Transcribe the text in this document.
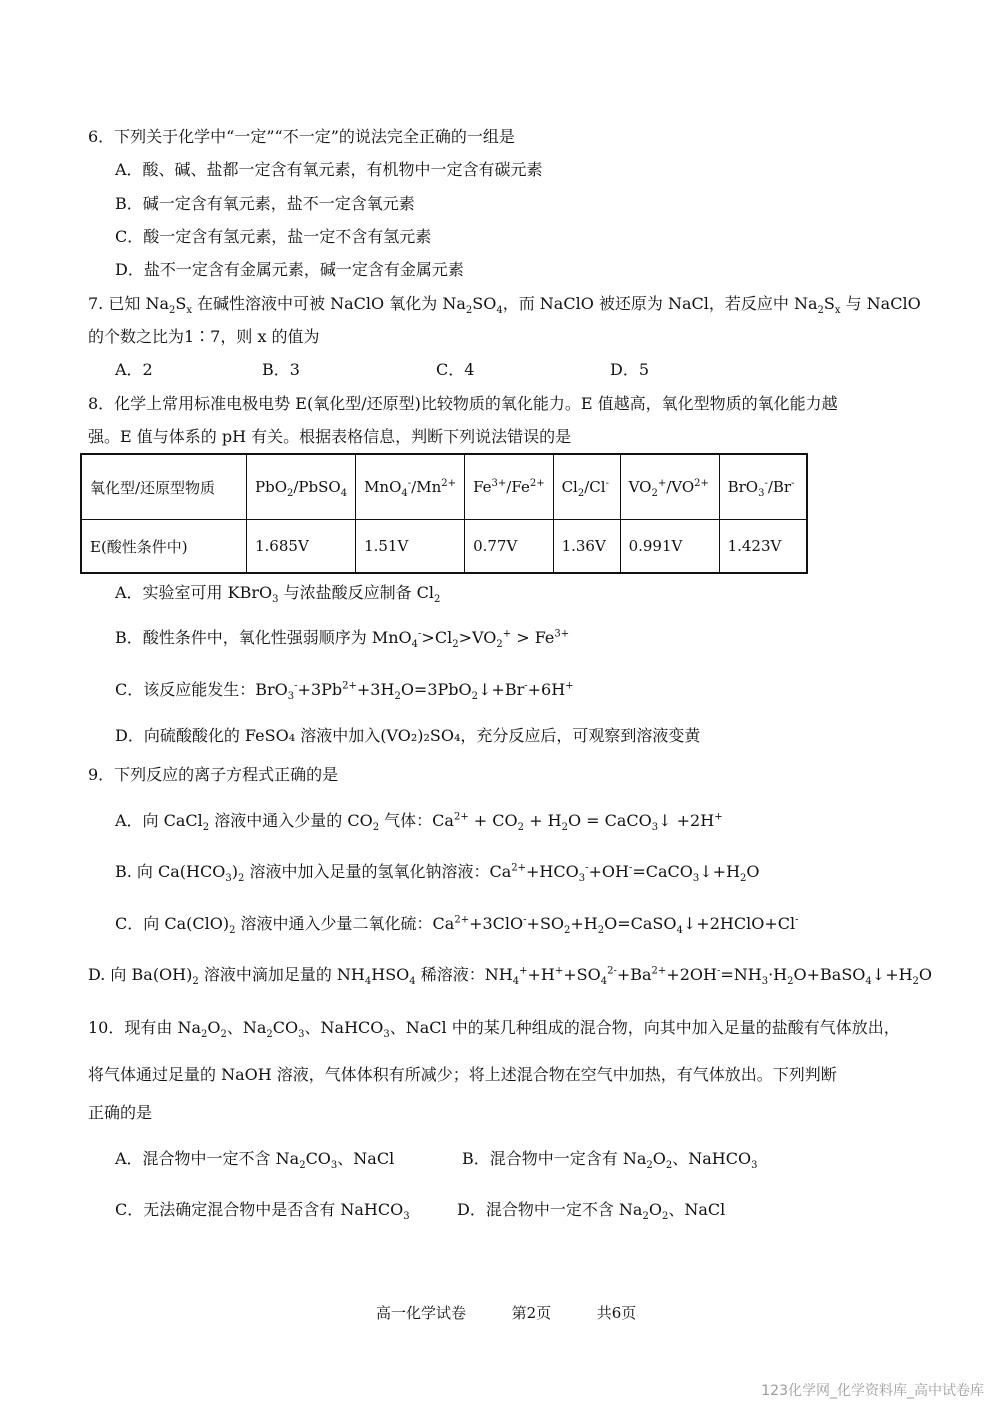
6．下列关于化学中“一定”“不一定”的说法完全正确的一组是
A．酸、碱、盐都一定含有氧元素，有机物中一定含有碳元素
B．碱一定含有氧元素，盐不一定含氧元素
C．酸一定含有氢元素，盐一定不含有氢元素
D．盐不一定含有金属元素，碱一定含有金属元素
7. 已知 $Na_2S_x$ 在碱性溶液中可被 NaClO 氧化为 $Na_2SO_4$，而 NaClO 被还原为 NaCl，若反应中 $Na_2S_x$ 与 NaClO
的个数之比为1∶7，则 x 的值为
A．2	B．3	C．4	D．5
8．化学上常用标准电极电势 E(氧化型/还原型)比较物质的氧化能力。E 值越高，氧化型物质的氧化能力越
强。E 值与体系的 pH 有关。根据表格信息，判断下列说法错误的是
氧化型/还原型物质	PbO$_2$/PbSO$_4$	$MnO_4^-/Mn^{2+}$	$Fe^{3+}/Fe^{2+}$	$Cl_2/Cl^-$	$VO_2^+/VO^{2+}$	BrO$_3$-/Br-
E(酸性条件中)	1.685V	1.51V	0.77V	1.36V	0.991V	1.423V
A．实验室可用 KBrO$_3$ 与浓盐酸反应制备 $Cl_2$
B．酸性条件中，氧化性强弱顺序为 $MnO_4^->Cl_2>VO_2^+ > Fe^{3+}$
C．该反应能发生：$BrO_3^-+3Pb^{2+}+3H_2O=3PbO_2↓+Br^-+6H^+$
D．向硫酸酸化的 FeSO₄ 溶液中加入(VO₂)₂SO₄，充分反应后，可观察到溶液变黄
9．下列反应的离子方程式正确的是
A．向 CaCl$_2$ 溶液中通入少量的 $CO_2$ 气体：$Ca^{2+} + CO_2 + H_2O$ = CaCO$_3$↓ +2H+
B. 向 $Ca(HCO_3)_2$ 溶液中加入足量的氢氧化钠溶液：$Ca^{2+}+HCO_3^-+OH^-=CaCO_3↓+H_2O$
C．向 $Ca(ClO)_2$ 溶液中通入少量二氧化硫：$Ca^{2+}+3ClO^-+SO_2+H_2O=CaSO_4↓+2HClO+Cl^-$
D. 向 $Ba(OH)_2$ 溶液中滴加足量的 $NH_4HSO_4$ 稀溶液：$NH_4^++H^++SO_4^{2-}+Ba^{2+}+2OH^-=NH_3\cdot H_2O+BaSO_4↓+H_2O$
10．现有由 $Na_2O_2$、$Na_2CO_3$、NaHCO$_3$、NaCl 中的某几种组成的混合物，向其中加入足量的盐酸有气体放出，
将气体通过足量的 NaOH 溶液，气体体积有所减少；将上述混合物在空气中加热，有气体放出。下列判断
正确的是
A．混合物中一定不含 $Na_2CO_3$、NaCl	B．混合物中一定含有 $Na_2O_2$、NaHCO$_3$
C．无法确定混合物中是否含有 NaHCO$_3$	D．混合物中一定不含 $Na_2O_2$、NaCl
高一化学试卷	第2页	共6页
123化学网_化学资料库_高中试卷库
